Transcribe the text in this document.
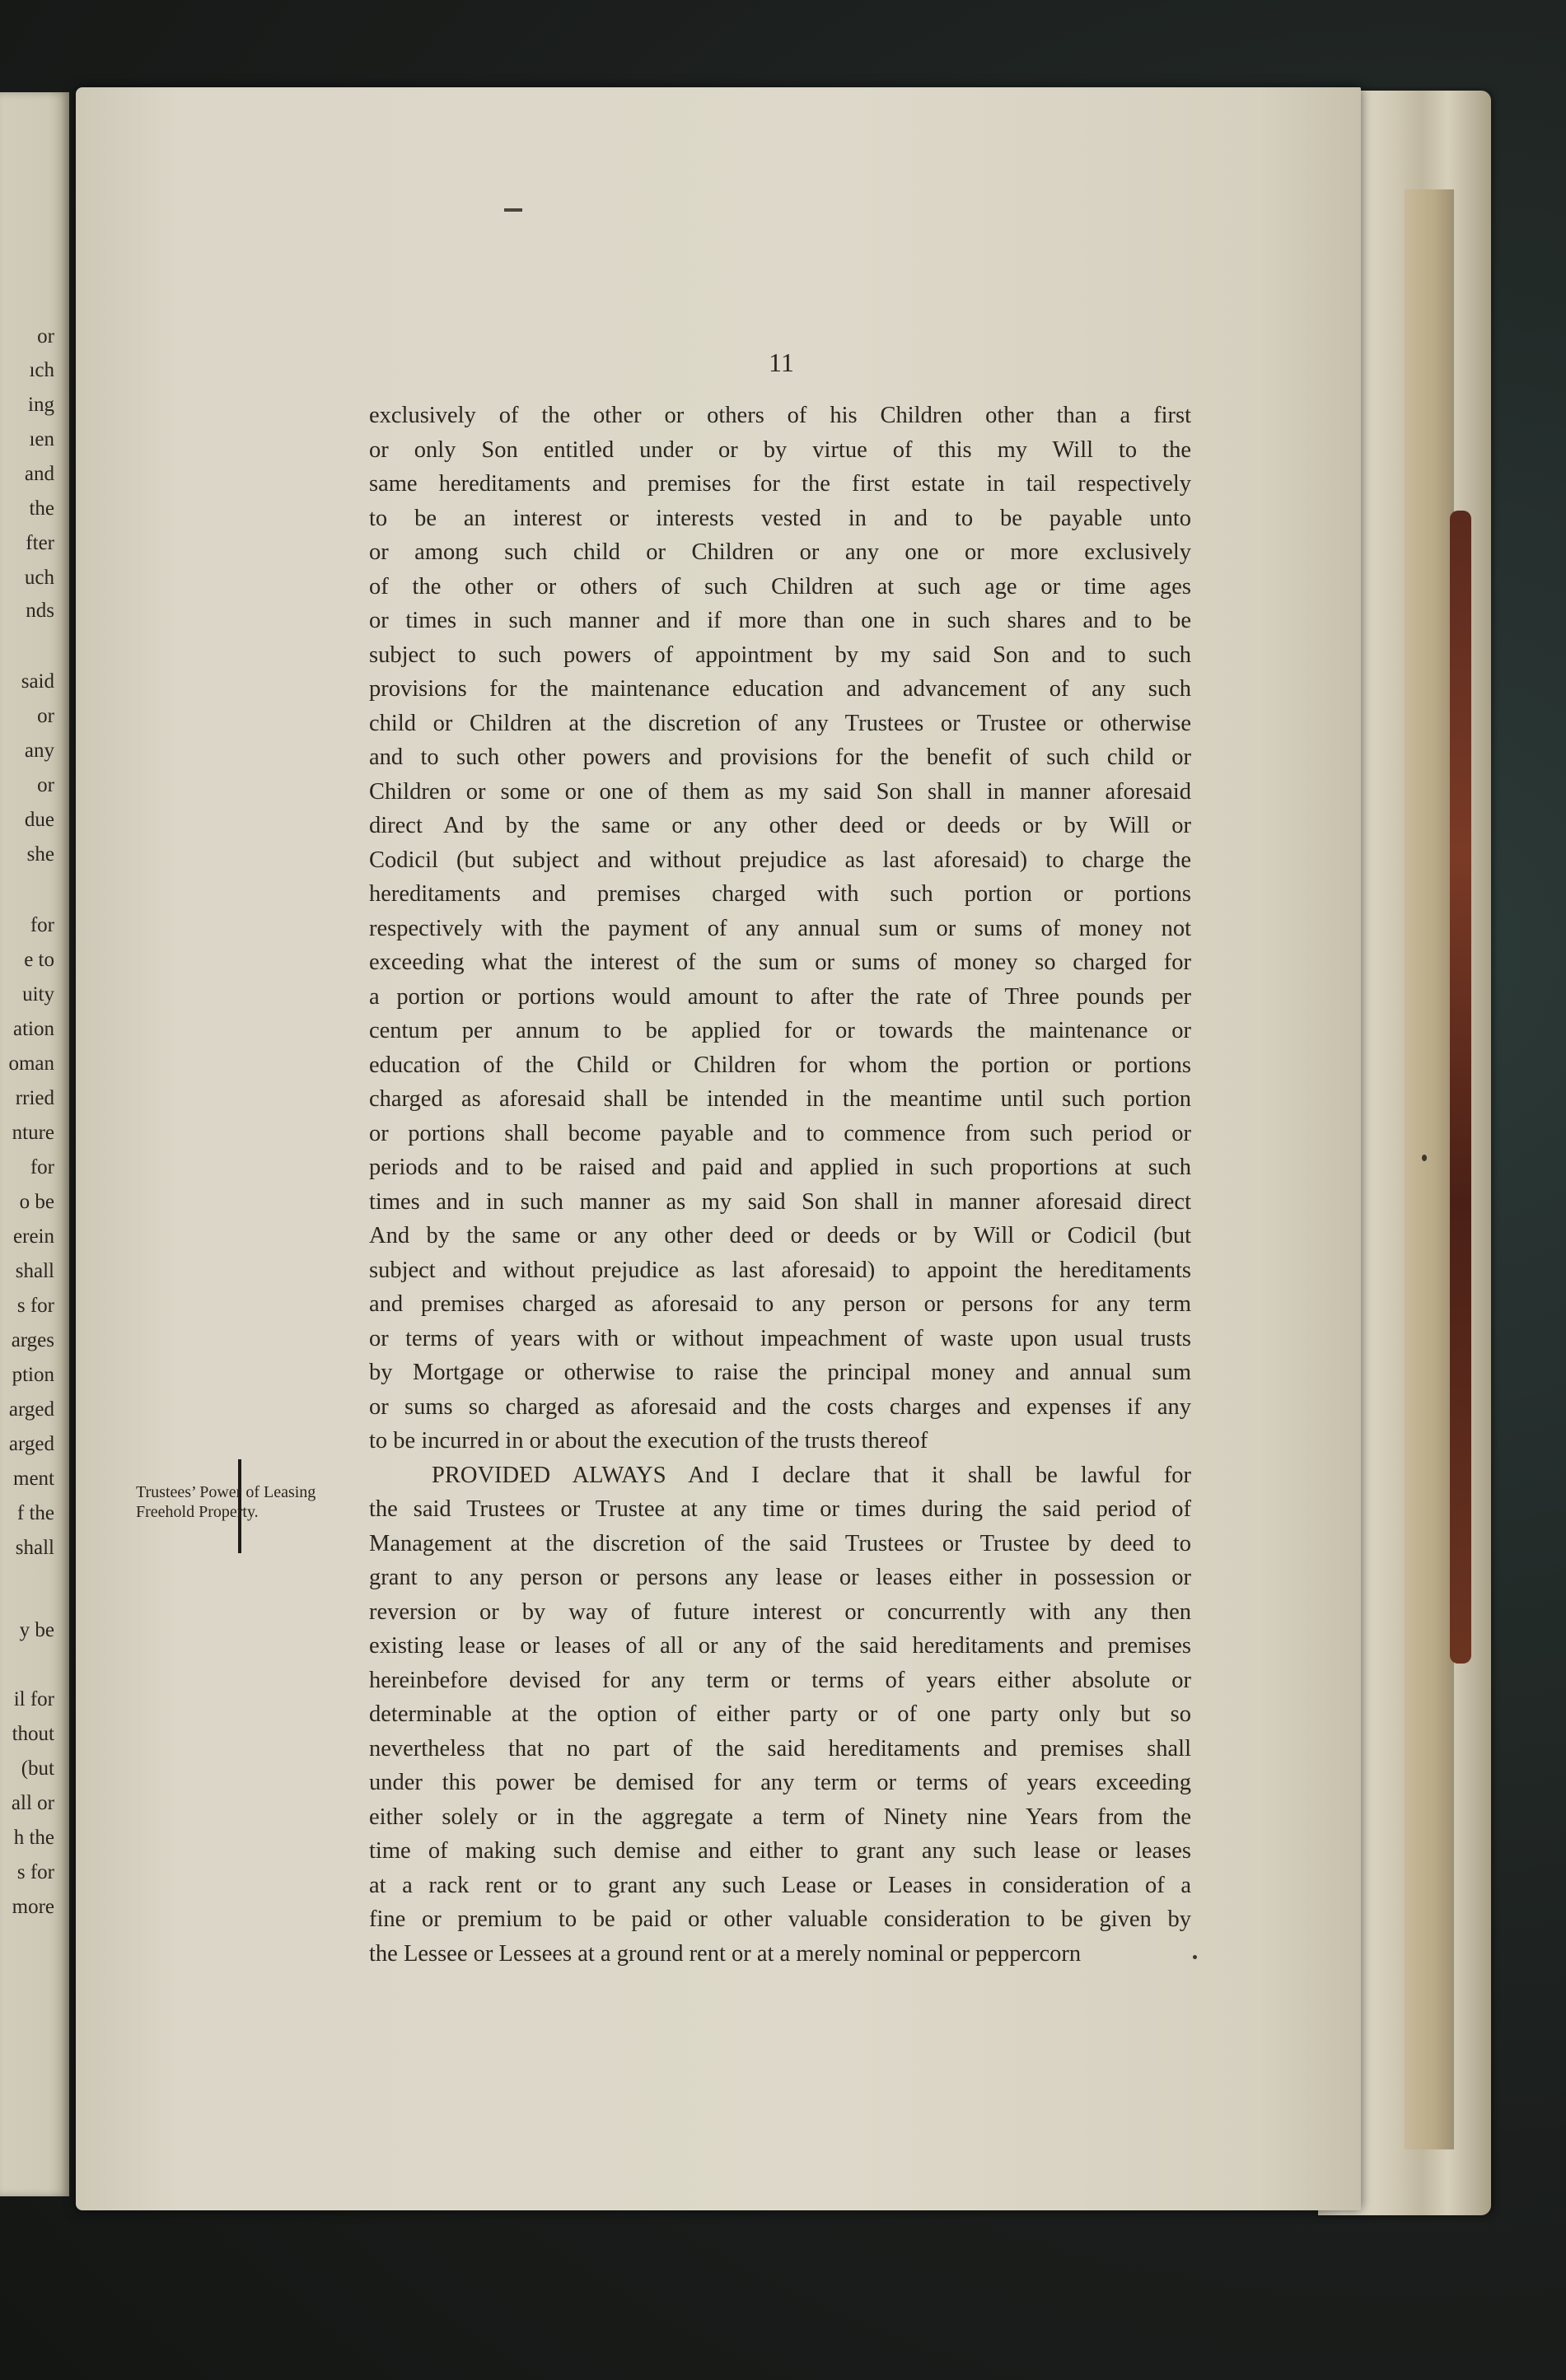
or
ıch
ing
ıen
and
the
fter
uch
nds
said
or
any
or
due
she
for
e to
uity
ation
oman
rried
nture
for
o be
erein
shall
s for
arges
ption
arged
arged
ment
f the
shall
y be
il for
thout
(but
all or
h the
s for
more
11
Trustees’ Power of Leasing
Freehold Property.
exclusively of the other or others of his Children other than a first
or only Son entitled under or by virtue of this my Will to the
same hereditaments and premises for the first estate in tail respectively
to be an interest or interests vested in and to be payable unto
or among such child or Children or any one or more exclusively
of the other or others of such Children at such age or time ages
or times in such manner and if more than one in such shares and to be
subject to such powers of appointment by my said Son and to such
provisions for the maintenance education and advancement of any such
child or Children at the discretion of any Trustees or Trustee or otherwise
and to such other powers and provisions for the benefit of such child or
Children or some or one of them as my said Son shall in manner aforesaid
direct And by the same or any other deed or deeds or by Will or
Codicil (but subject and without prejudice as last aforesaid) to charge the
hereditaments and premises charged with such portion or portions
respectively with the payment of any annual sum or sums of money not
exceeding what the interest of the sum or sums of money so charged for
a portion or portions would amount to after the rate of Three pounds per
centum per annum to be applied for or towards the maintenance or
education of the Child or Children for whom the portion or portions
charged as aforesaid shall be intended in the meantime until such portion
or portions shall become payable and to commence from such period or
periods and to be raised and paid and applied in such proportions at such
times and in such manner as my said Son shall in manner aforesaid direct
And by the same or any other deed or deeds or by Will or Codicil (but
subject and without prejudice as last aforesaid) to appoint the hereditaments
and premises charged as aforesaid to any person or persons for any term
or terms of years with or without impeachment of waste upon usual trusts
by Mortgage or otherwise to raise the principal money and annual sum
or sums so charged as aforesaid and the costs charges and expenses if any
to be incurred in or about the execution of the trusts thereof
PROVIDED ALWAYS And I declare that it shall be lawful for
the said Trustees or Trustee at any time or times during the said period of
Management at the discretion of the said Trustees or Trustee by deed to
grant to any person or persons any lease or leases either in possession or
reversion or by way of future interest or concurrently with any then
existing lease or leases of all or any of the said hereditaments and premises
hereinbefore devised for any term or terms of years either absolute or
determinable at the option of either party or of one party only but so
nevertheless that no part of the said hereditaments and premises shall
under this power be demised for any term or terms of years exceeding
either solely or in the aggregate a term of Ninety nine Years from the
time of making such demise and either to grant any such lease or leases
at a rack rent or to grant any such Lease or Leases in consideration of a
fine or premium to be paid or other valuable consideration to be given by
the Lessee or Lessees at a ground rent or at a merely nominal or peppercorn
